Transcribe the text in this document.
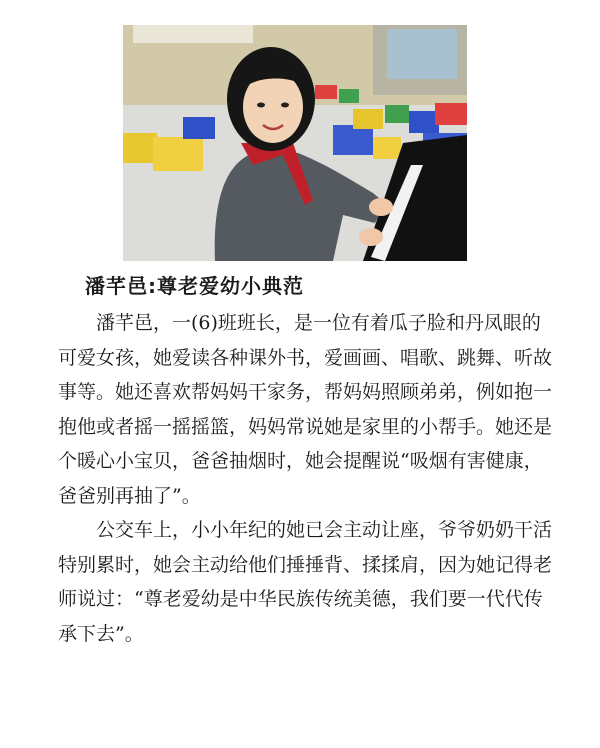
潘芊邑:尊老爱幼小典范

潘芊邑，一(6)班班长，是一位有着瓜子脸和丹凤眼的可爱女孩，她爱读各种课外书，爱画画、唱歌、跳舞、听故事等。她还喜欢帮妈妈干家务，帮妈妈照顾弟弟，例如抱一抱他或者摇一摇摇篮，妈妈常说她是家里的小帮手。她还是个暖心小宝贝，爸爸抽烟时，她会提醒说“吸烟有害健康，爸爸别再抽了”。

公交车上，小小年纪的她已会主动让座，爷爷奶奶干活特别累时，她会主动给他们捶捶背、揉揉肩，因为她记得老师说过：“尊老爱幼是中华民族传统美德，我们要一代代传承下去”。
